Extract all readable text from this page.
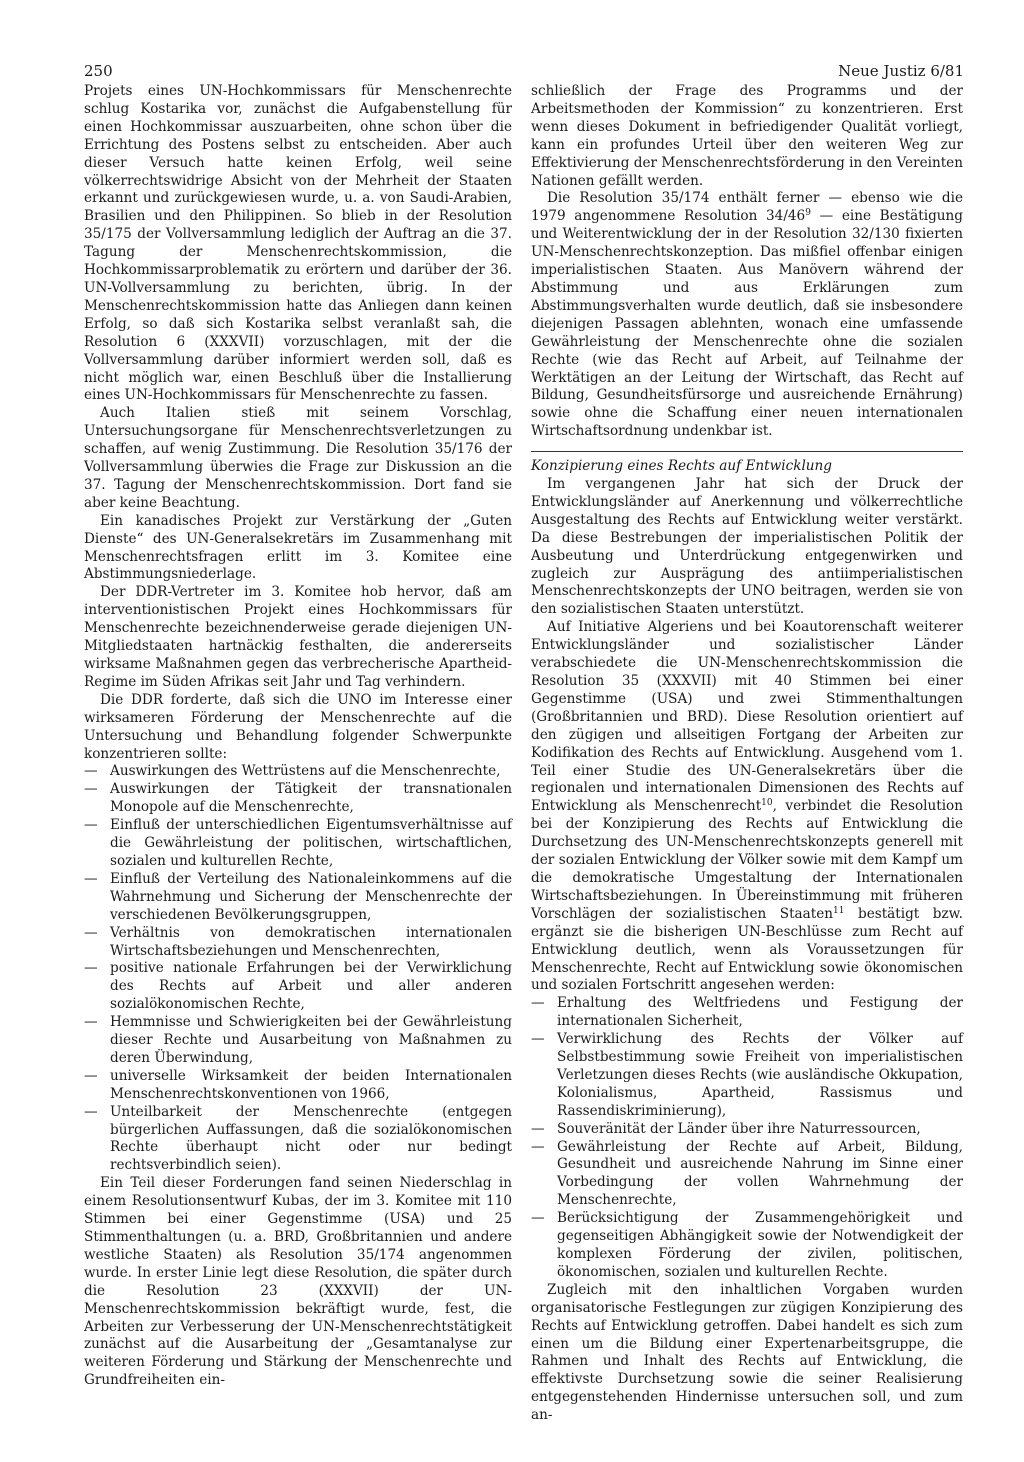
250	Neue Justiz 6/81

Projets eines UN-Hochkommissars für Menschenrechte schlug Kostarika vor, zunächst die Aufgabenstellung für einen Hochkommissar auszuarbeiten, ohne schon über die Errichtung des Postens selbst zu entscheiden. Aber auch dieser Versuch hatte keinen Erfolg, weil seine völkerrechtswidrige Absicht von der Mehrheit der Staaten erkannt und zurückgewiesen wurde, u. a. von Saudi-Arabien, Brasilien und den Philippinen. So blieb in der Resolution 35/175 der Vollversammlung lediglich der Auftrag an die 37. Tagung der Menschenrechtskommission, die Hochkommissarproblematik zu erörtern und darüber der 36. UN-Vollversammlung zu berichten, übrig. In der Menschenrechtskommission hatte das Anliegen dann keinen Erfolg, so daß sich Kostarika selbst veranlaßt sah, die Resolution 6 (XXXVII) vorzuschlagen, mit der die Vollversammlung darüber informiert werden soll, daß es nicht möglich war, einen Beschluß über die Installierung eines UN-Hochkommissars für Menschenrechte zu fassen.

Auch Italien stieß mit seinem Vorschlag, Untersuchungsorgane für Menschenrechtsverletzungen zu schaffen, auf wenig Zustimmung. Die Resolution 35/176 der Vollversammlung überwies die Frage zur Diskussion an die 37. Tagung der Menschenrechtskommission. Dort fand sie aber keine Beachtung.

Ein kanadisches Projekt zur Verstärkung der „Guten Dienste“ des UN-Generalsekretärs im Zusammenhang mit Menschenrechtsfragen erlitt im 3. Komitee eine Abstimmungsniederlage.

Der DDR-Vertreter im 3. Komitee hob hervor, daß am interventionistischen Projekt eines Hochkommissars für Menschenrechte bezeichnenderweise gerade diejenigen UN-Mitgliedstaaten hartnäckig festhalten, die andererseits wirksame Maßnahmen gegen das verbrecherische Apartheid-Regime im Süden Afrikas seit Jahr und Tag verhindern.

Die DDR forderte, daß sich die UNO im Interesse einer wirksameren Förderung der Menschenrechte auf die Untersuchung und Behandlung folgender Schwerpunkte konzentrieren sollte:

— Auswirkungen des Wettrüstens auf die Menschenrechte,
— Auswirkungen der Tätigkeit der transnationalen Monopole auf die Menschenrechte,
— Einfluß der unterschiedlichen Eigentumsverhältnisse auf die Gewährleistung der politischen, wirtschaftlichen, sozialen und kulturellen Rechte,
— Einfluß der Verteilung des Nationaleinkommens auf die Wahrnehmung und Sicherung der Menschenrechte der verschiedenen Bevölkerungsgruppen,
— Verhältnis von demokratischen internationalen Wirtschaftsbeziehungen und Menschenrechten,
— positive nationale Erfahrungen bei der Verwirklichung des Rechts auf Arbeit und aller anderen sozialökonomischen Rechte,
— Hemmnisse und Schwierigkeiten bei der Gewährleistung dieser Rechte und Ausarbeitung von Maßnahmen zu deren Überwindung,
— universelle Wirksamkeit der beiden Internationalen Menschenrechtskonventionen von 1966,
— Unteilbarkeit der Menschenrechte (entgegen bürgerlichen Auffassungen, daß die sozialökonomischen Rechte überhaupt nicht oder nur bedingt rechtsverbindlich seien).

Ein Teil dieser Forderungen fand seinen Niederschlag in einem Resolutionsentwurf Kubas, der im 3. Komitee mit 110 Stimmen bei einer Gegenstimme (USA) und 25 Stimmenthaltungen (u. a. BRD, Großbritannien und andere westliche Staaten) als Resolution 35/174 angenommen wurde. In erster Linie legt diese Resolution, die später durch die Resolution 23 (XXXVII) der UN-Menschenrechtskommission bekräftigt wurde, fest, die Arbeiten zur Verbesserung der UN-Menschenrechtstätigkeit zunächst auf die Ausarbeitung der „Gesamtanalyse zur weiteren Förderung und Stärkung der Menschenrechte und Grundfreiheiten ein-

schließlich der Frage des Programms und der Arbeitsmethoden der Kommission“ zu konzentrieren. Erst wenn dieses Dokument in befriedigender Qualität vorliegt, kann ein profundes Urteil über den weiteren Weg zur Effektivierung der Menschenrechtsförderung in den Vereinten Nationen gefällt werden.

Die Resolution 35/174 enthält ferner — ebenso wie die 1979 angenommene Resolution $34/46^9$ — eine Bestätigung und Weiterentwicklung der in der Resolution 32/130 fixierten UN-Menschenrechtskonzeption. Das mißfiel offenbar einigen imperialistischen Staaten. Aus Manövern während der Abstimmung und aus Erklärungen zum Abstimmungsverhalten wurde deutlich, daß sie insbesondere diejenigen Passagen ablehnten, wonach eine umfassende Gewährleistung der Menschenrechte ohne die sozialen Rechte (wie das Recht auf Arbeit, auf Teilnahme der Werktätigen an der Leitung der Wirtschaft, das Recht auf Bildung, Gesundheitsfürsorge und ausreichende Ernährung) sowie ohne die Schaffung einer neuen internationalen Wirtschaftsordnung undenkbar ist.

Konzipierung eines Rechts auf Entwicklung

Im vergangenen Jahr hat sich der Druck der Entwicklungsländer auf Anerkennung und völkerrechtliche Ausgestaltung des Rechts auf Entwicklung weiter verstärkt. Da diese Bestrebungen der imperialistischen Politik der Ausbeutung und Unterdrückung entgegenwirken und zugleich zur Ausprägung des antiimperialistischen Menschenrechtskonzepts der UNO beitragen, werden sie von den sozialistischen Staaten unterstützt.

Auf Initiative Algeriens und bei Koautorenschaft weiterer Entwicklungsländer und sozialistischer Länder verabschiedete die UN-Menschenrechtskommission die Resolution 35 (XXXVII) mit 40 Stimmen bei einer Gegenstimme (USA) und zwei Stimmenthaltungen (Großbritannien und BRD). Diese Resolution orientiert auf den zügigen und allseitigen Fortgang der Arbeiten zur Kodifikation des Rechts auf Entwicklung. Ausgehend vom 1. Teil einer Studie des UN-Generalsekretärs über die regionalen und internationalen Dimensionen des Rechts auf Entwicklung als Menschenrecht$^{10}$, verbindet die Resolution bei der Konzipierung des Rechts auf Entwicklung die Durchsetzung des UN-Menschenrechtskonzepts generell mit der sozialen Entwicklung der Völker sowie mit dem Kampf um die demokratische Umgestaltung der Internationalen Wirtschaftsbeziehungen. In Übereinstimmung mit früheren Vorschlägen der sozialistischen Staaten$^{11}$ bestätigt bzw. ergänzt sie die bisherigen UN-Beschlüsse zum Recht auf Entwicklung deutlich, wenn als Voraussetzungen für Menschenrechte, Recht auf Entwicklung sowie ökonomischen und sozialen Fortschritt angesehen werden:

— Erhaltung des Weltfriedens und Festigung der internationalen Sicherheit,
— Verwirklichung des Rechts der Völker auf Selbstbestimmung sowie Freiheit von imperialistischen Verletzungen dieses Rechts (wie ausländische Okkupation, Kolonialismus, Apartheid, Rassismus und Rassendiskriminierung),
— Souveränität der Länder über ihre Naturressourcen,
— Gewährleistung der Rechte auf Arbeit, Bildung, Gesundheit und ausreichende Nahrung im Sinne einer Vorbedingung der vollen Wahrnehmung der Menschenrechte,
— Berücksichtigung der Zusammengehörigkeit und gegenseitigen Abhängigkeit sowie der Notwendigkeit der komplexen Förderung der zivilen, politischen, ökonomischen, sozialen und kulturellen Rechte.

Zugleich mit den inhaltlichen Vorgaben wurden organisatorische Festlegungen zur zügigen Konzipierung des Rechts auf Entwicklung getroffen. Dabei handelt es sich zum einen um die Bildung einer Expertenarbeitsgruppe, die Rahmen und Inhalt des Rechts auf Entwicklung, die effektivste Durchsetzung sowie die seiner Realisierung entgegenstehenden Hindernisse untersuchen soll, und zum an-
